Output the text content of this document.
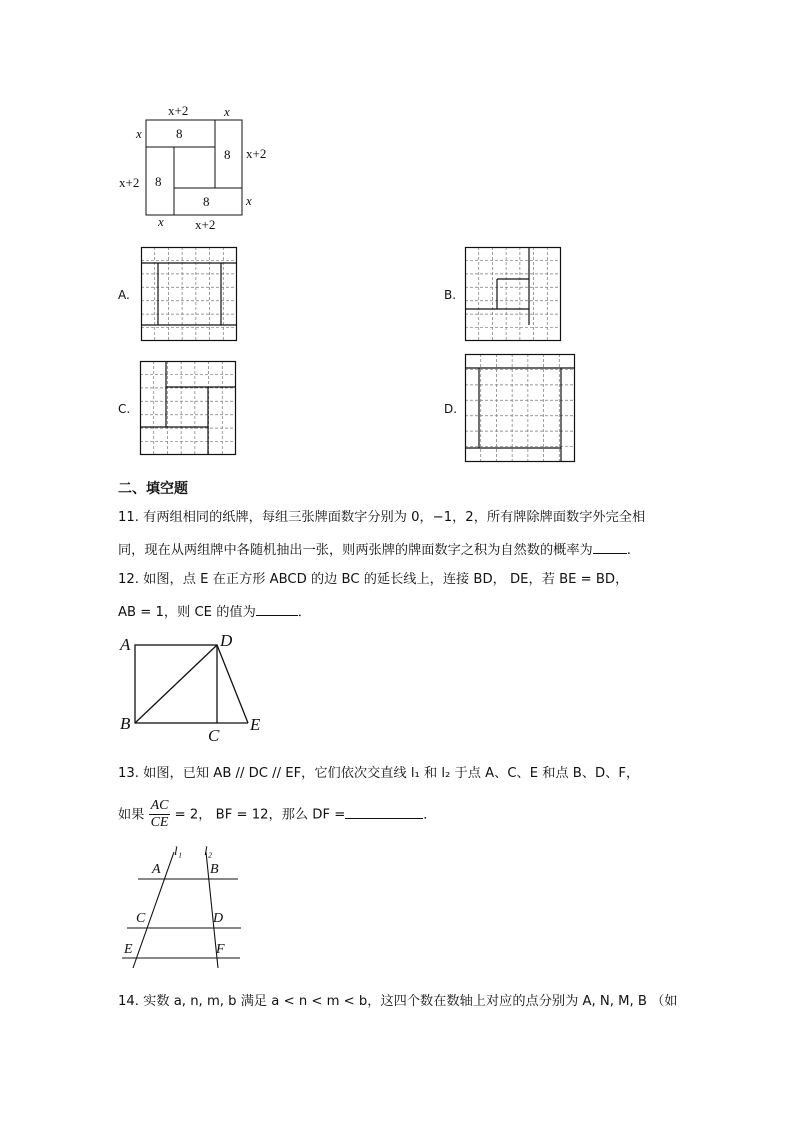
x+2	x
x+2
x
x
x+2
x x+2
8
8
8
8
A.	B.
C.	D.
二、填空题
11. 有两组相同的纸牌，每组三张牌面数字分别为 0，−1，2，所有牌除牌面数字外完全相
同，现在从两组牌中各随机抽出一张，则两张牌的牌面数字之积为自然数的概率为	.
12. 如图，点 E 在正方形 ABCD 的边 BC 的延长线上，连接 BD， DE，若 BE = BD，
AB = 1，则 CE 的值为	．
A	D
B
C
E
13. 如图，已知 AB // DC // EF，它们依次交直线 l₁ 和 l₂ 于点 A、C、E 和点 B、D、F，
如果 $\frac{AC}{CE} = 2$， BF = 12，那么 DF =	．
l₁ l₂
A	B
C	D
E	F
14. 实数 a, n, m, b 满足 a < n < m < b，这四个数在数轴上对应的点分别为 A, N, M, B （如
